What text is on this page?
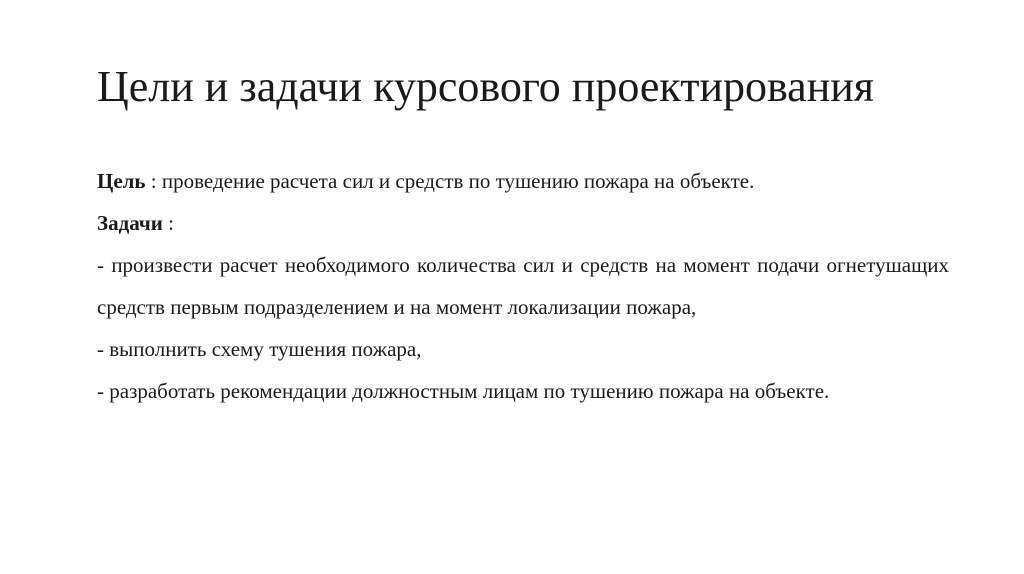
Цели и задачи курсового проектирования

Цель : проведение расчета сил и средств по тушению пожара на объекте.

Задачи :

- произвести расчет необходимого количества сил и средств на момент подачи огнетушащих средств первым подразделением и на момент локализации пожара,

- выполнить схему тушения пожара,

- разработать рекомендации должностным лицам по тушению пожара на объекте.
